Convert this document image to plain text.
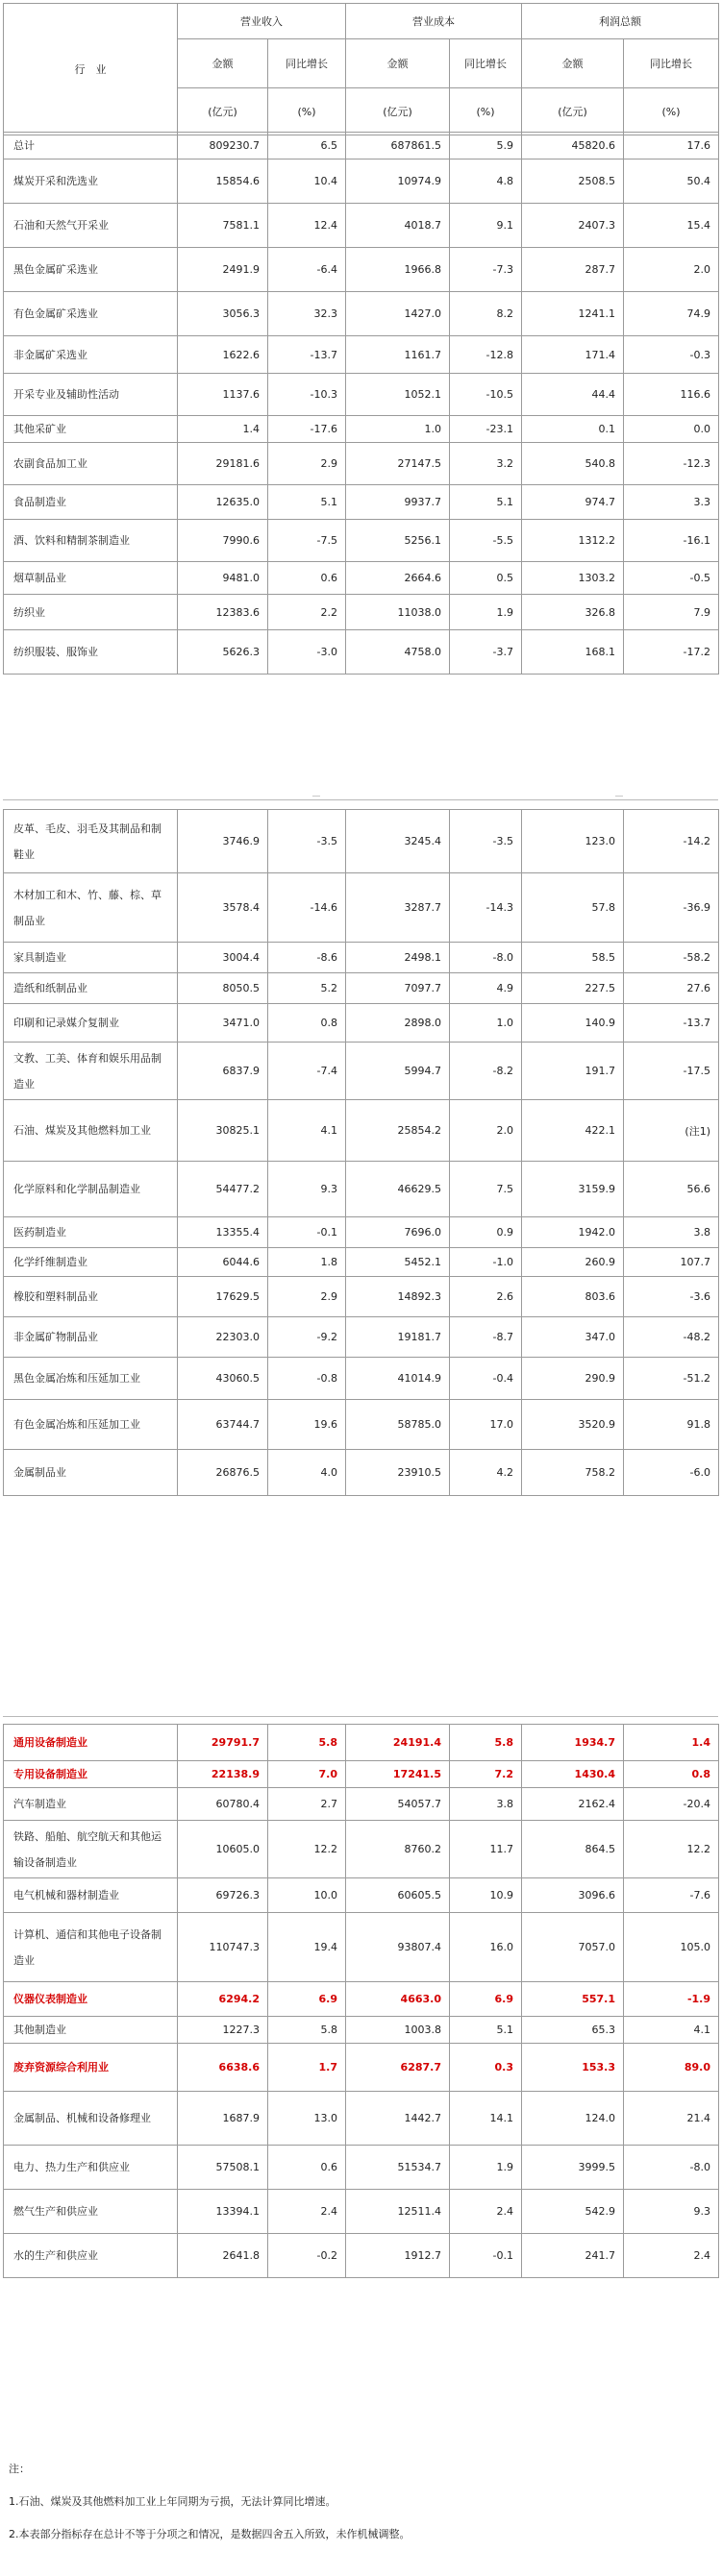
行　业	营业收入		营业成本		利润总额	
	金额	同比增长	金额	同比增长	金额	同比增长
	(亿元)	(%)	(亿元)	(%)	(亿元)	(%)
总计	809230.7	6.5	687861.5	5.9	45820.6	17.6
煤炭开采和洗选业	15854.6	10.4	10974.9	4.8	2508.5	50.4
石油和天然气开采业	7581.1	12.4	4018.7	9.1	2407.3	15.4
黑色金属矿采选业	2491.9	-6.4	1966.8	-7.3	287.7	2.0
有色金属矿采选业	3056.3	32.3	1427.0	8.2	1241.1	74.9
非金属矿采选业	1622.6	-13.7	1161.7	-12.8	171.4	-0.3
开采专业及辅助性活动	1137.6	-10.3	1052.1	-10.5	44.4	116.6
其他采矿业	1.4	-17.6	1.0	-23.1	0.1	0.0
农副食品加工业	29181.6	2.9	27147.5	3.2	540.8	-12.3
食品制造业	12635.0	5.1	9937.7	5.1	974.7	3.3
酒、饮料和精制茶制造业	7990.6	-7.5	5256.1	-5.5	1312.2	-16.1
烟草制品业	9481.0	0.6	2664.6	0.5	1303.2	-0.5
纺织业	12383.6	2.2	11038.0	1.9	326.8	7.9
纺织服装、服饰业	5626.3	-3.0	4758.0	-3.7	168.1	-17.2
皮革、毛皮、羽毛及其制品和制鞋业	3746.9	-3.5	3245.4	-3.5	123.0	-14.2
木材加工和木、竹、藤、棕、草制品业	3578.4	-14.6	3287.7	-14.3	57.8	-36.9
家具制造业	3004.4	-8.6	2498.1	-8.0	58.5	-58.2
造纸和纸制品业	8050.5	5.2	7097.7	4.9	227.5	27.6
印刷和记录媒介复制业	3471.0	0.8	2898.0	1.0	140.9	-13.7
文教、工美、体育和娱乐用品制造业	6837.9	-7.4	5994.7	-8.2	191.7	-17.5
石油、煤炭及其他燃料加工业	30825.1	4.1	25854.2	2.0	422.1	(注1)
化学原料和化学制品制造业	54477.2	9.3	46629.5	7.5	3159.9	56.6
医药制造业	13355.4	-0.1	7696.0	0.9	1942.0	3.8
化学纤维制造业	6044.6	1.8	5452.1	-1.0	260.9	107.7
橡胶和塑料制品业	17629.5	2.9	14892.3	2.6	803.6	-3.6
非金属矿物制品业	22303.0	-9.2	19181.7	-8.7	347.0	-48.2
黑色金属冶炼和压延加工业	43060.5	-0.8	41014.9	-0.4	290.9	-51.2
有色金属冶炼和压延加工业	63744.7	19.6	58785.0	17.0	3520.9	91.8
金属制品业	26876.5	4.0	23910.5	4.2	758.2	-6.0
通用设备制造业	29791.7	5.8	24191.4	5.8	1934.7	1.4
专用设备制造业	22138.9	7.0	17241.5	7.2	1430.4	0.8
汽车制造业	60780.4	2.7	54057.7	3.8	2162.4	-20.4
铁路、船舶、航空航天和其他运输设备制造业	10605.0	12.2	8760.2	11.7	864.5	12.2
电气机械和器材制造业	69726.3	10.0	60605.5	10.9	3096.6	-7.6
计算机、通信和其他电子设备制造业	110747.3	19.4	93807.4	16.0	7057.0	105.0
仪器仪表制造业	6294.2	6.9	4663.0	6.9	557.1	-1.9
其他制造业	1227.3	5.8	1003.8	5.1	65.3	4.1
废弃资源综合利用业	6638.6	1.7	6287.7	0.3	153.3	89.0
金属制品、机械和设备修理业	1687.9	13.0	1442.7	14.1	124.0	21.4
电力、热力生产和供应业	57508.1	0.6	51534.7	1.9	3999.5	-8.0
燃气生产和供应业	13394.1	2.4	12511.4	2.4	542.9	9.3
水的生产和供应业	2641.8	-0.2	1912.7	-0.1	241.7	2.4
注：
1.石油、煤炭及其他燃料加工业上年同期为亏损，无法计算同比增速。
2.本表部分指标存在总计不等于分项之和情况，是数据四舍五入所致，未作机械调整。
